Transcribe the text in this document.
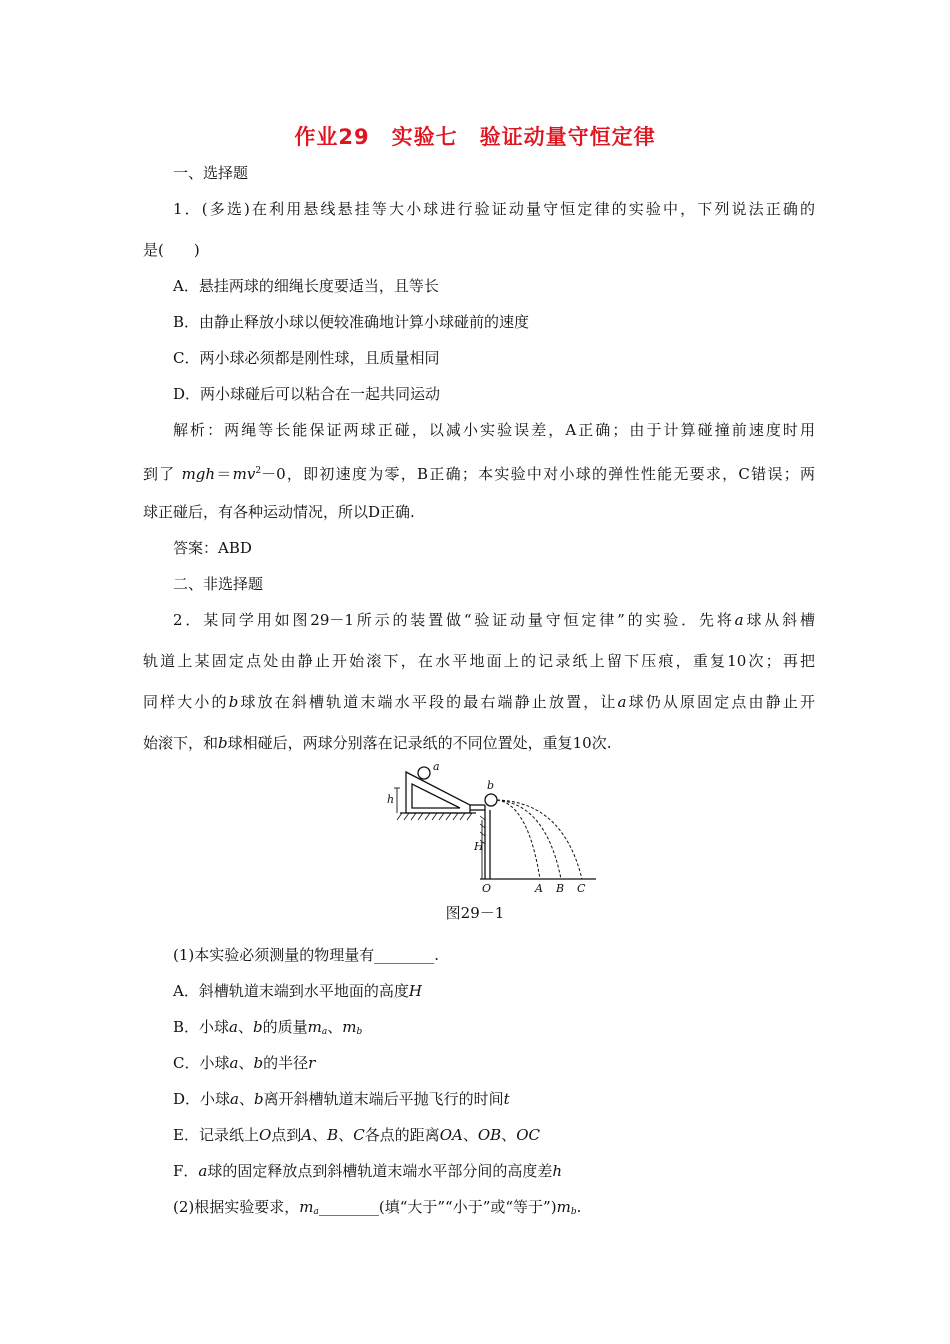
作业29　实验七　验证动量守恒定律
一、选择题
1．(多选)在利用悬线悬挂等大小球进行验证动量守恒定律的实验中，下列说法正确的
是(　　)
A．悬挂两球的细绳长度要适当，且等长
B．由静止释放小球以便较准确地计算小球碰前的速度
C．两小球必须都是刚性球，且质量相同
D．两小球碰后可以粘合在一起共同运动
解析：两绳等长能保证两球正碰，以减小实验误差，A正确；由于计算碰撞前速度时用
到了 $mgh=mv^2-0$，即初速度为零，B正确；本实验中对小球的弹性性能无要求，C错误；两
球正碰后，有各种运动情况，所以D正确.
答案：ABD
二、非选择题
2．某同学用如图29－1所示的装置做“验证动量守恒定律”的实验．先将a球从斜槽
轨道上某固定点处由静止开始滚下，在水平地面上的记录纸上留下压痕，重复10次；再把
同样大小的b球放在斜槽轨道末端水平段的最右端静止放置，让a球仍从原固定点由静止开
始滚下，和b球相碰后，两球分别落在记录纸的不同位置处，重复10次.
a
b
h
H
O	A B C
图29－1
(1)本实验必须测量的物理量有________.
A．斜槽轨道末端到水平地面的高度H
B．小球a、b的质量$m_a$、$m_b$
C．小球a、b的半径r
D．小球a、b离开斜槽轨道末端后平抛飞行的时间t
E．记录纸上O点到A、B、C各点的距离OA、OB、OC
F．a球的固定释放点到斜槽轨道末端水平部分间的高度差h
(2)根据实验要求，$m_a\_\_\_\_\_\_\_\_$(填“大于”“小于”或“等于$”)m_b$.
